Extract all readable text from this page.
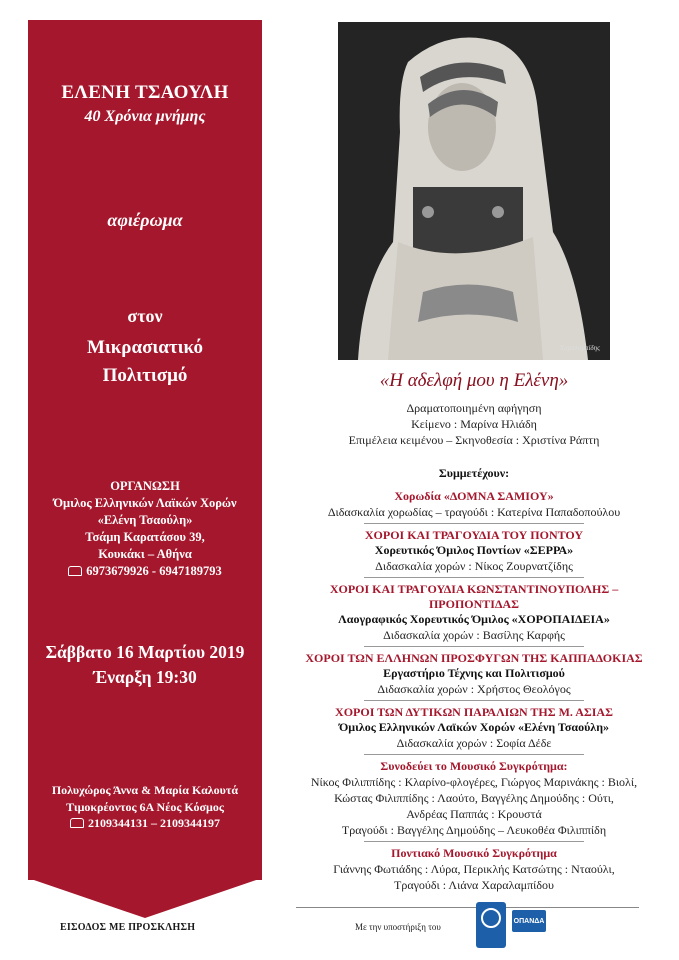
ΕΛΕΝΗ ΤΣΑΟΥΛΗ
40 Χρόνια μνήμης
αφιέρωμα
στον
Μικρασιατικό
Πολιτισμό
ΟΡΓΑΝΩΣΗ
Όμιλος Ελληνικών Λαϊκών Χορών
«Ελένη Τσαούλη»
Τσάμη Καρατάσου 39,
Κουκάκι – Αθήνα
6973679926 - 6947189793
Σάββατο 16 Μαρτίου 2019
Έναρξη 19:30
Πολυχώρος Άννα & Μαρία Καλουτά
Τιμοκρέοντος 6Α Νέος Κόσμος
2109344131 – 2109344197
Χαραλαμπίδης
«Η αδελφή μου η Ελένη»
Δραματοποιημένη αφήγηση
Κείμενο : Μαρίνα Ηλιάδη
Επιμέλεια κειμένου – Σκηνοθεσία : Χριστίνα Ράπτη
Συμμετέχουν:
Χορωδία «ΔΟΜΝΑ ΣΑΜΙΟΥ»
Διδασκαλία χορωδίας – τραγούδι : Κατερίνα Παπαδοπούλου
ΧΟΡΟΙ ΚΑΙ ΤΡΑΓΟΥΔΙΑ ΤΟΥ ΠΟΝΤΟΥ
Χορευτικός Όμιλος Ποντίων «ΣΕΡΡΑ»
Διδασκαλία χορών : Νίκος Ζουρνατζίδης
ΧΟΡΟΙ ΚΑΙ ΤΡΑΓΟΥΔΙΑ ΚΩΝΣΤΑΝΤΙΝΟΥΠΟΛΗΣ –
ΠΡΟΠΟΝΤΙΔΑΣ
Λαογραφικός Χορευτικός Όμιλος «ΧΟΡΟΠΑΙΔΕΙΑ»
Διδασκαλία χορών : Βασίλης Καρφής
ΧΟΡΟΙ ΤΩΝ ΕΛΛΗΝΩΝ ΠΡΟΣΦΥΓΩΝ ΤΗΣ ΚΑΠΠΑΔΟΚΙΑΣ
Εργαστήριο Τέχνης και Πολιτισμού
Διδασκαλία χορών : Χρήστος Θεολόγος
ΧΟΡΟΙ ΤΩΝ ΔΥΤΙΚΩΝ ΠΑΡΑΛΙΩΝ ΤΗΣ Μ. ΑΣΙΑΣ
Όμιλος Ελληνικών Λαϊκών Χορών «Ελένη Τσαούλη»
Διδασκαλία χορών : Σοφία Δέδε
Συνοδεύει το Μουσικό Συγκρότημα:
Νίκος Φιλιππίδης : Κλαρίνο-φλογέρες, Γιώργος Μαρινάκης : Βιολί,
Κώστας Φιλιππίδης : Λαούτο, Βαγγέλης Δημούδης : Ούτι,
Ανδρέας Παππάς : Κρουστά
Τραγούδι : Βαγγέλης Δημούδης – Λευκοθέα Φιλιππίδη
Ποντιακό Μουσικό Συγκρότημα
Γιάννης Φωτιάδης : Λύρα, Περικλής Κατσώτης : Νταούλι,
Τραγούδι : Λιάνα Χαραλαμπίδου
ΕΙΣΟΔΟΣ ΜΕ ΠΡΟΣΚΛΗΣΗ	Με την υποστήριξη του
ΟΠΑΝΔΑ
